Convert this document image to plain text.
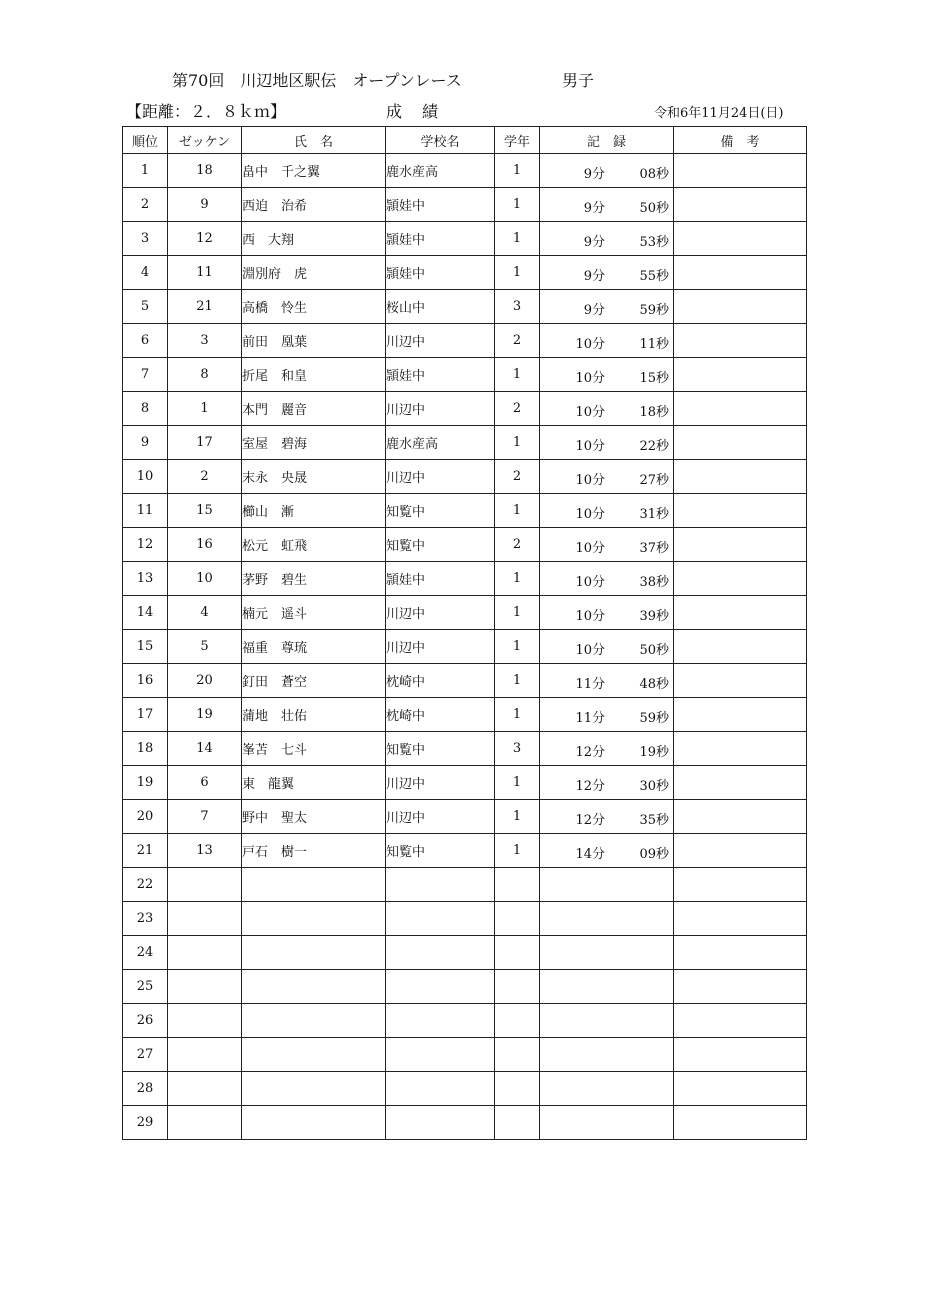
第70回　川辺地区駅伝　オープンレース	男子
【距離：２．８ｋｍ】	成　績	令和6年11月24日(日)
順位	ゼッケン	氏　名	学校名	学年	記　録	備　考
1	18	畠中　千之翼	鹿水産高	1	9分 08秒	

2	9	西迫　治希	頴娃中	1	9分 50秒	

3	12	西　大翔	頴娃中	1	9分 53秒	

4	11	淵別府　虎	頴娃中	1	9分 55秒	

5	21	高橋　怜生	桜山中	3	9分 59秒	

6	3	前田　凰葉	川辺中	2	10分 11秒	

7	8	折尾　和皇	頴娃中	1	10分 15秒	

8	1	本門　麗音	川辺中	2	10分 18秒	

9	17	室屋　碧海	鹿水産高	1	10分 22秒	

10	2	末永　央晟	川辺中	2	10分 27秒	

11	15	櫛山　漸	知覧中	1	10分 31秒	

12	16	松元　虹飛	知覧中	2	10分 37秒	

13	10	茅野　碧生	頴娃中	1	10分 38秒	

14	4	楠元　遥斗	川辺中	1	10分 39秒	

15	5	福重　尊琉	川辺中	1	10分 50秒	

16	20	釘田　蒼空	枕崎中	1	11分 48秒	

17	19	蒲地　壮佑	枕崎中	1	11分 59秒	

18	14	峯苫　七斗	知覧中	3	12分 19秒	

19	6	東　龍翼	川辺中	1	12分 30秒	

20	7	野中　聖太	川辺中	1	12分 35秒	

21	13	戸石　樹一	知覧中	1	14分 09秒	

22					

23					

24					

25					

26					

27					

28					

29					
